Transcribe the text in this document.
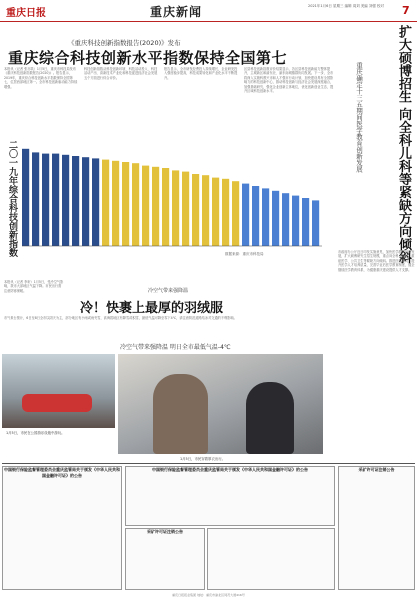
重庆日报	重庆新闻	2021年1月6日 星期三 编辑 周刘 美编 刘强 校对	7
《重庆科技创新指数报告(2020)》发布
重庆综合科技创新水平指数保持全国第七
本报讯（记者 张亦筑）1月5日，重庆市科技局发布《重庆科技创新指数报告(2020)》。报告显示，2019年，重庆综合科技创新水平指数保持全国第七，位居西部地区第一。全市科技创新驱动能力持续增强。
科技创新指数从科技创新环境、科技活动投入、科技活动产出、高新技术产业化和科技促进经济社会发展五个方面进行综合评价。
报告显示，全市研发经费投入持续增长，企业研发投入强度稳步提高，科技成果转化和产业化水平不断提升。
区县科技创新指数评价结果显示，各区县科技创新能力整体提升，主城新区和渝东北、渝东南城镇群协同发展。下一步，全市将深入实施科教兴市和人才强市行动计划，加快建设具有全国影响力的科技创新中心，推动科技创新与经济社会发展深度融合，加强基础研究，强化企业创新主体地位，优化创新创业生态，提升区域科技创新水平。
二〇一九年综合科技创新指数	数据来源：重庆市科技局	扩大硕博招生 向全科儿科等紧缺方向倾斜
重庆确定十三五期间医学教育创新发展
市政府办公厅近日印发实施意见，加快医学教育创新发展，扩大硕博研究生招生规模，重点向全科、儿科、重症医学、公共卫生等紧缺方向倾斜。推进医教协同，提升医学人才培养质量，完善毕业后医学教育制度，健全继续医学教育体系，为健康重庆建设提供人才支撑。
冷空气带来强降温
冷！快裹上最厚的羽绒服
本报讯（记者 李珩）1月5日，受冷空气影响，我市大部地区气温下降。市民出行需注意防寒保暖。
市气象台预计，6日至8日全市以阴天为主，部分地区有小雨或雨夹雪，高海拔地区有降雪或积雪，最低气温可降至零下4℃，请注意防范道路结冰对交通的不利影响。
冷空气带来强降温 明日全市最低气温-4℃
1月5日，市民在公园游乐设施中游玩。
1月5日，市民穿着厚衣出行。
中国银行保险监督管理委员会重庆监管局关于颁发《中华人民共和国金融许可证》的公告
中国银行保险监督管理委员会重庆监管局关于颁发《中华人民共和国金融许可证》的公告
采矿许可证注销公告
采矿许可证注销公告
重庆日报报业集团 地址：重庆市渝北区同茂大道416号
